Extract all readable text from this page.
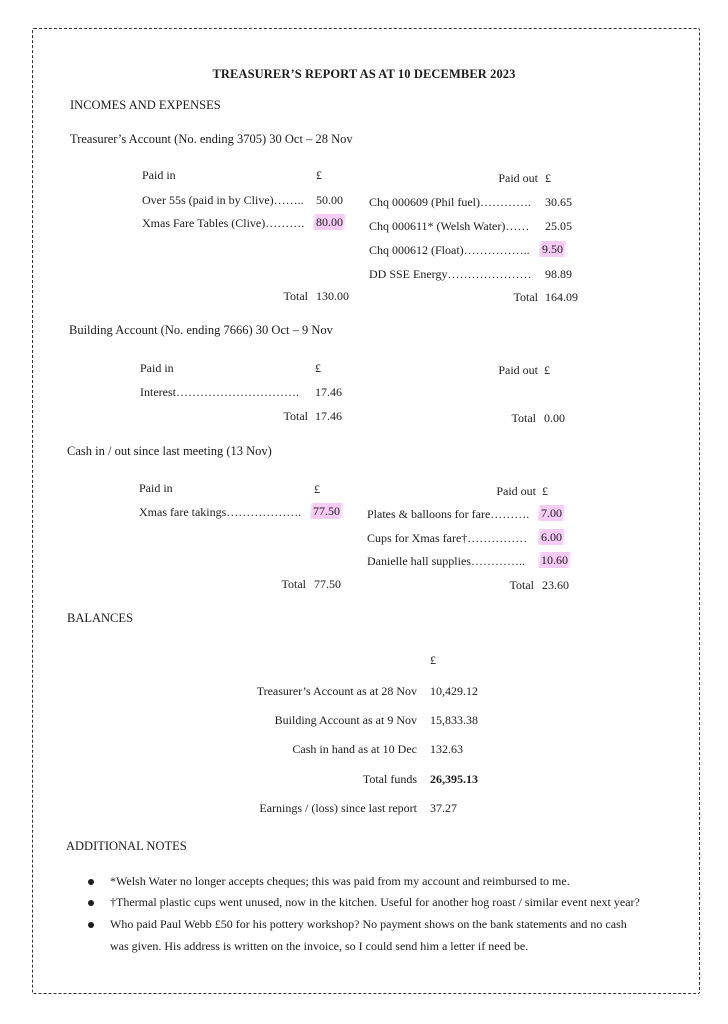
TREASURER’S REPORT AS AT 10 DECEMBER 2023
INCOMES AND EXPENSES
Treasurer’s Account (No. ending 3705) 30 Oct – 28 Nov
Paid in	£	Paid out £
Over 55s (paid in by Clive)…….. 50.00
Xmas Fare Tables (Clive)………. 80.00
Chq 000609 (Phil fuel)…………. 30.65
Chq 000611* (Welsh Water)…… 25.05
Chq 000612 (Float)…………….. 9.50
DD SSE Energy………………… 98.89
Total 130.00	Total 164.09
Building Account (No. ending 7666) 30 Oct – 9 Nov
Paid in	£	Paid out £
Interest…………………………. 17.46
Total 17.46	Total 0.00
Cash in / out since last meeting (13 Nov)
Paid in	£	Paid out £
Xmas fare takings………………. 77.50 Plates & balloons for fare………. 7.00
Cups for Xmas fare†…………… 6.00
Danielle hall supplies………….. 10.60
Total 77.50	Total 23.60
BALANCES
£
Treasurer’s Account as at 28 Nov 10,429.12
Building Account as at 9 Nov 15,833.38
Cash in hand as at 10 Dec 132.63
Total funds 26,395.13
Earnings / (loss) since last report 37.27
ADDITIONAL NOTES
*Welsh Water no longer accepts cheques; this was paid from my account and reimbursed to me.
†Thermal plastic cups went unused, now in the kitchen. Useful for another hog roast / similar event next year?
Who paid Paul Webb £50 for his pottery workshop? No payment shows on the bank statements and no cash
was given. His address is written on the invoice, so I could send him a letter if need be.
